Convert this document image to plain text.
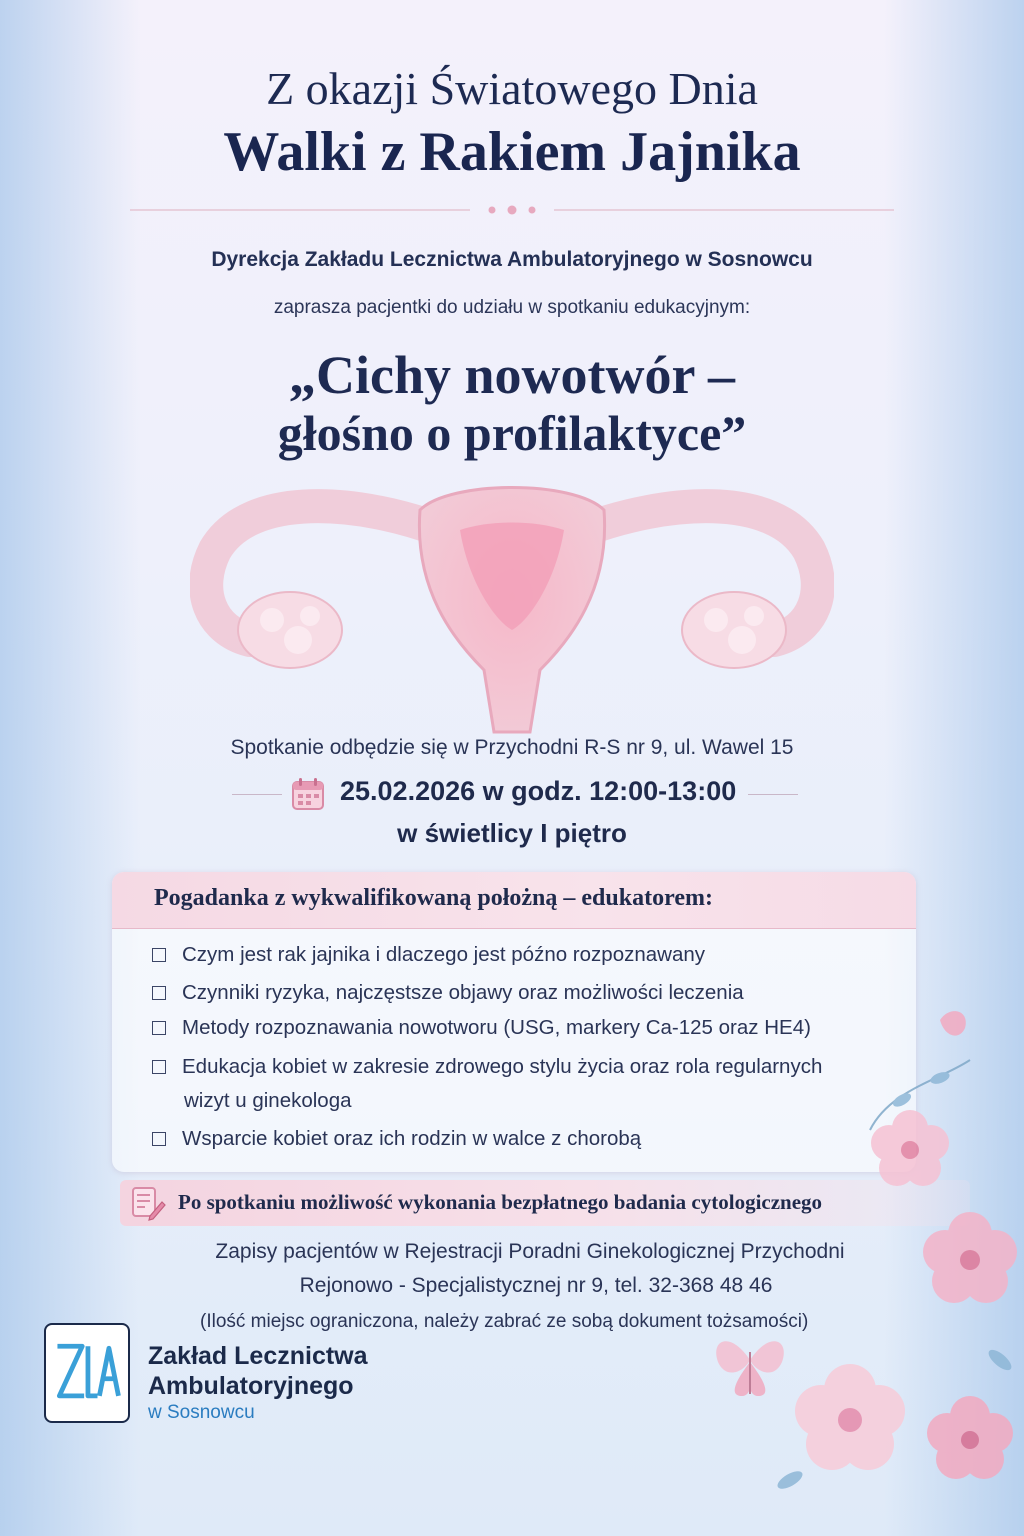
Z okazji Światowego Dnia
Walki z Rakiem Jajnika
Dyrekcja Zakładu Lecznictwa Ambulatoryjnego w Sosnowcu
zaprasza pacjentki do udziału w spotkaniu edukacyjnym:
„Cichy nowotwór –
głośno o profilaktyce”
Spotkanie odbędzie się w Przychodni R-S nr 9, ul. Wawel 15
25.02.2026 w godz. 12:00-13:00
w świetlicy I piętro
Pogadanka z wykwalifikowaną położną – edukatorem:
Czym jest rak jajnika i dlaczego jest późno rozpoznawany
Czynniki ryzyka, najczęstsze objawy oraz możliwości leczenia
Metody rozpoznawania nowotworu (USG, markery Ca-125 oraz HE4)
Edukacja kobiet w zakresie zdrowego stylu życia oraz rola regularnych
wizyt u ginekologa
Wsparcie kobiet oraz ich rodzin w walce z chorobą
Po spotkaniu możliwość wykonania bezpłatnego badania cytologicznego
Zapisy pacjentów w Rejestracji Poradni Ginekologicznej Przychodni
Rejonowo - Specjalistycznej nr 9, tel. 32-368 48 46
(Ilość miejsc ograniczona, należy zabrać ze sobą dokument tożsamości)
Zakład Lecznictwa
Ambulatoryjnego
w Sosnowcu
